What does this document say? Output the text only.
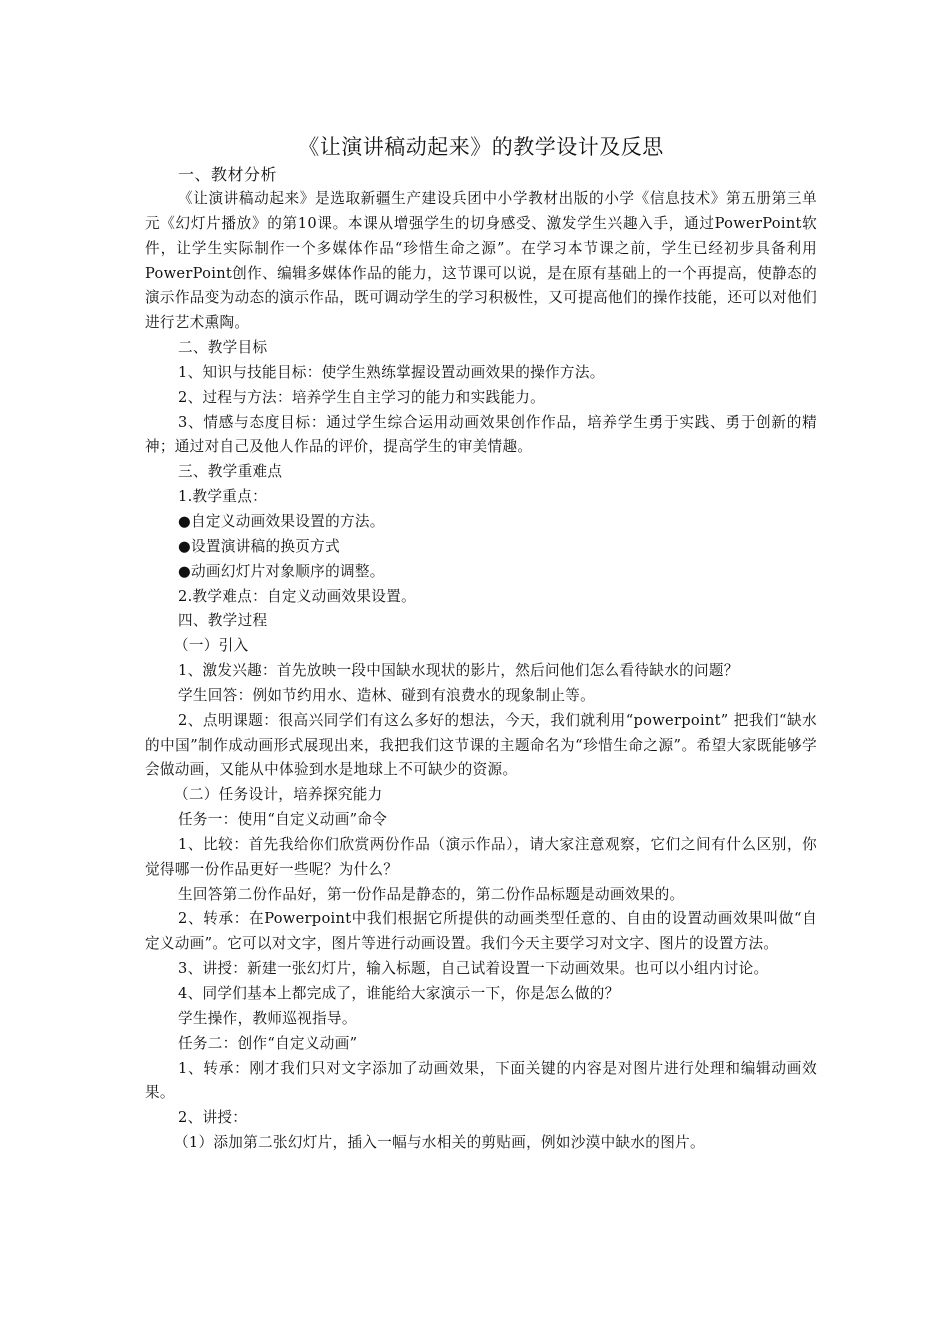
《让演讲稿动起来》的教学设计及反思
一、教材分析

《让演讲稿动起来》是选取新疆生产建设兵团中小学教材出版的小学《信息技术》第五册第三单元《幻灯片播放》的第10课。本课从增强学生的切身感受、激发学生兴趣入手，通过PowerPoint软件，让学生实际制作一个多媒体作品“珍惜生命之源”。在学习本节课之前，学生已经初步具备利用PowerPoint创作、编辑多媒体作品的能力，这节课可以说，是在原有基础上的一个再提高，使静态的演示作品变为动态的演示作品，既可调动学生的学习积极性，又可提高他们的操作技能，还可以对他们进行艺术熏陶。

二、教学目标

1、知识与技能目标：使学生熟练掌握设置动画效果的操作方法。

2、过程与方法：培养学生自主学习的能力和实践能力。

3、情感与态度目标：通过学生综合运用动画效果创作作品，培养学生勇于实践、勇于创新的精神；通过对自己及他人作品的评价，提高学生的审美情趣。

三、教学重难点

1.教学重点：

●自定义动画效果设置的方法。

●设置演讲稿的换页方式

●动画幻灯片对象顺序的调整。

2.教学难点：自定义动画效果设置。

四、教学过程

（一）引入

1、激发兴趣：首先放映一段中国缺水现状的影片，然后问他们怎么看待缺水的问题？

学生回答：例如节约用水、造林、碰到有浪费水的现象制止等。

2、点明课题：很高兴同学们有这么多好的想法，今天，我们就利用“powerpoint” 把我们“缺水的中国”制作成动画形式展现出来，我把我们这节课的主题命名为“珍惜生命之源”。希望大家既能够学会做动画，又能从中体验到水是地球上不可缺少的资源。

（二）任务设计，培养探究能力

任务一：使用“自定义动画”命令

1、比较：首先我给你们欣赏两份作品（演示作品），请大家注意观察，它们之间有什么区别，你觉得哪一份作品更好一些呢？为什么？

生回答第二份作品好，第一份作品是静态的，第二份作品标题是动画效果的。

2、转承：在Powerpoint中我们根据它所提供的动画类型任意的、自由的设置动画效果叫做“自定义动画”。它可以对文字，图片等进行动画设置。我们今天主要学习对文字、图片的设置方法。

3、讲授：新建一张幻灯片，输入标题，自己试着设置一下动画效果。也可以小组内讨论。

4、同学们基本上都完成了，谁能给大家演示一下，你是怎么做的？

学生操作，教师巡视指导。

任务二：创作“自定义动画”

1、转承：刚才我们只对文字添加了动画效果，下面关键的内容是对图片进行处理和编辑动画效果。

2、讲授：

（1）添加第二张幻灯片，插入一幅与水相关的剪贴画，例如沙漠中缺水的图片。
